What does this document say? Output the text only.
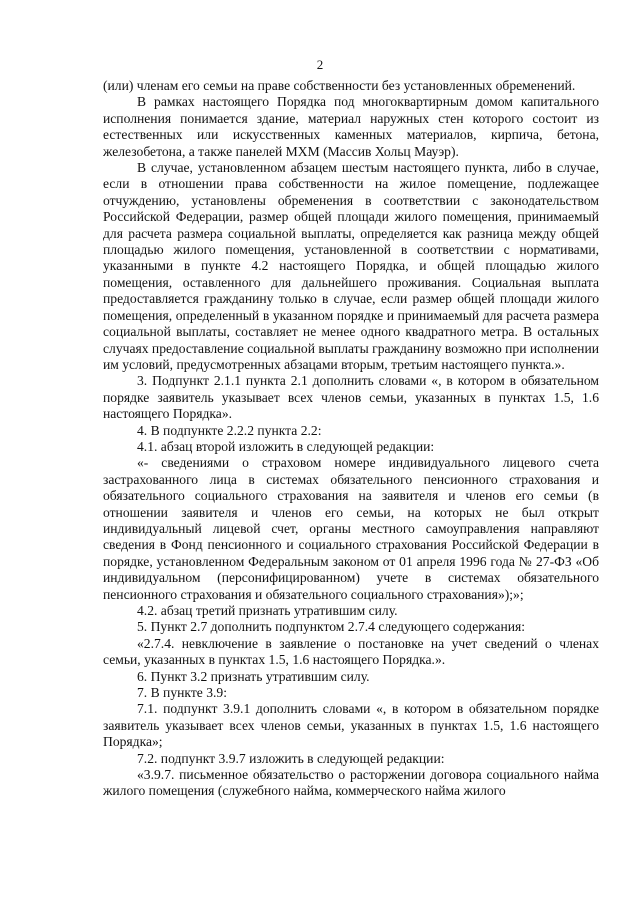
2

(или) членам его семьи на праве собственности без установленных обременений.

В рамках настоящего Порядка под многоквартирным домом капитального исполнения понимается здание, материал наружных стен которого состоит из естественных или искусственных каменных материалов, кирпича, бетона, железобетона, а также панелей МХМ (Массив Хольц Мауэр).

В случае, установленном абзацем шестым настоящего пункта, либо в случае, если в отношении права собственности на жилое помещение, подлежащее отчуждению, установлены обременения в соответствии с законодательством Российской Федерации, размер общей площади жилого помещения, принимаемый для расчета размера социальной выплаты, определяется как разница между общей площадью жилого помещения, установленной в соответствии с нормативами, указанными в пункте 4.2 настоящего Порядка, и общей площадью жилого помещения, оставленного для дальнейшего проживания. Социальная выплата предоставляется гражданину только в случае, если размер общей площади жилого помещения, определенный в указанном порядке и принимаемый для расчета размера социальной выплаты, составляет не менее одного квадратного метра. В остальных случаях предоставление социальной выплаты гражданину возможно при исполнении им условий, предусмотренных абзацами вторым, третьим настоящего пункта.».

3. Подпункт 2.1.1 пункта 2.1 дополнить словами «, в котором в обязательном порядке заявитель указывает всех членов семьи, указанных в пунктах 1.5, 1.6 настоящего Порядка».

4. В подпункте 2.2.2 пункта 2.2:

4.1. абзац второй изложить в следующей редакции:

«- сведениями о страховом номере индивидуального лицевого счета застрахованного лица в системах обязательного пенсионного страхования и обязательного социального страхования на заявителя и членов его семьи (в отношении заявителя и членов его семьи, на которых не был открыт индивидуальный лицевой счет, органы местного самоуправления направляют сведения в Фонд пенсионного и социального страхования Российской Федерации в порядке, установленном Федеральным законом от 01 апреля 1996 года № 27-ФЗ «Об индивидуальном (персонифицированном) учете в системах обязательного пенсионного страхования и обязательного социального страхования»);»;

4.2. абзац третий признать утратившим силу.

5. Пункт 2.7 дополнить подпунктом 2.7.4 следующего содержания:

«2.7.4. невключение в заявление о постановке на учет сведений о членах семьи, указанных в пунктах 1.5, 1.6 настоящего Порядка.».

6. Пункт 3.2 признать утратившим силу.

7. В пункте 3.9:

7.1. подпункт 3.9.1 дополнить словами «, в котором в обязательном порядке заявитель указывает всех членов семьи, указанных в пунктах 1.5, 1.6 настоящего Порядка»;

7.2. подпункт 3.9.7 изложить в следующей редакции:

«3.9.7. письменное обязательство о расторжении договора социального найма жилого помещения (служебного найма, коммерческого найма жилого
